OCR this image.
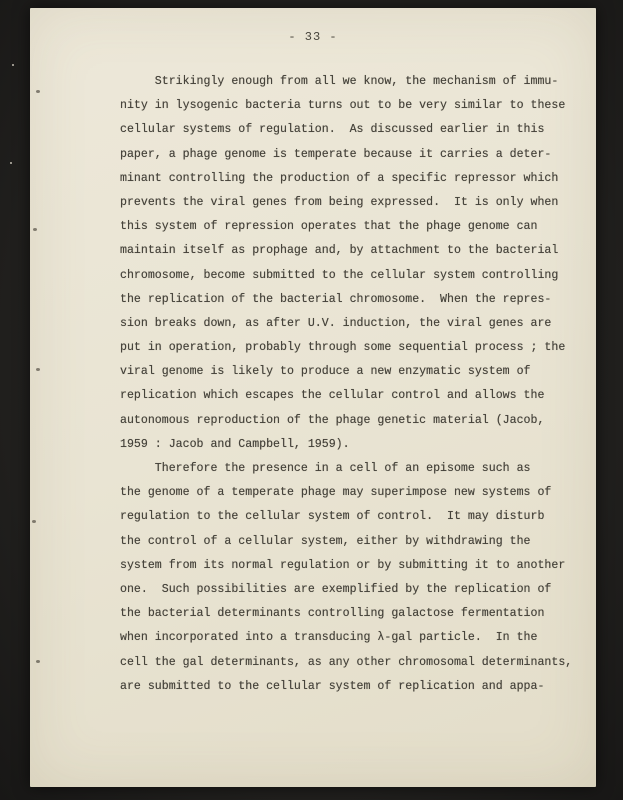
- 33 -
Strikingly enough from all we know, the mechanism of immu-
nity in lysogenic bacteria turns out to be very similar to these
cellular systems of regulation.  As discussed earlier in this
paper, a phage genome is temperate because it carries a deter-
minant controlling the production of a specific repressor which
prevents the viral genes from being expressed.  It is only when
this system of repression operates that the phage genome can
maintain itself as prophage and, by attachment to the bacterial
chromosome, become submitted to the cellular system controlling
the replication of the bacterial chromosome.  When the repres-
sion breaks down, as after U.V. induction, the viral genes are
put in operation, probably through some sequential process ; the
viral genome is likely to produce a new enzymatic system of
replication which escapes the cellular control and allows the
autonomous reproduction of the phage genetic material (Jacob,
1959 : Jacob and Campbell, 1959).
Therefore the presence in a cell of an episome such as
the genome of a temperate phage may superimpose new systems of
regulation to the cellular system of control.  It may disturb
the control of a cellular system, either by withdrawing the
system from its normal regulation or by submitting it to another
one.  Such possibilities are exemplified by the replication of
the bacterial determinants controlling galactose fermentation
when incorporated into a transducing λ-gal particle.  In the
cell the gal determinants, as any other chromosomal determinants,
are submitted to the cellular system of replication and appa-
